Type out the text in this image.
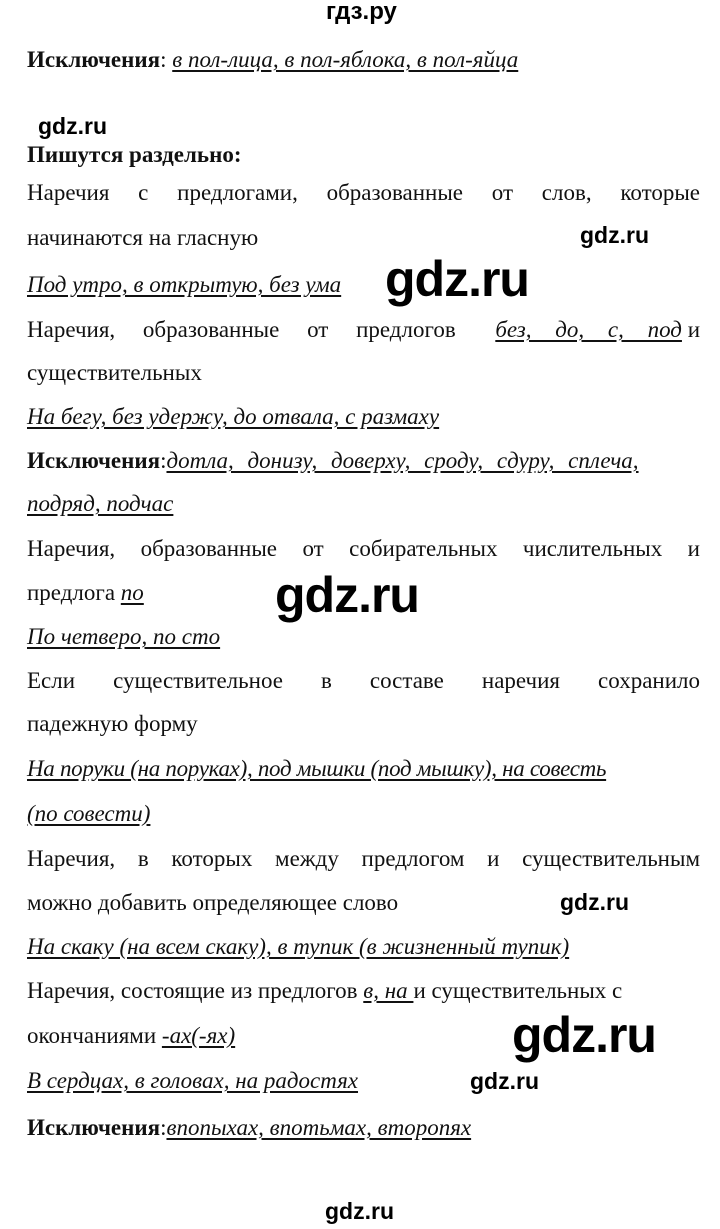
гдз.ру
Исключения: в пол-лица, в пол-яблока, в пол-яйца
gdz.ru
Пишутся раздельно:
Наречия с предлогами, образованные от слов, которые
начинаются на гласную	gdz.ru
Под утро, в открытую, без ума gdz.ru
Наречия, образованные от предлогов без, до, с, под и
существительных
На бегу, без удержу, до отвала, с размаху
Исключения:дотла, донизу, доверху, сроду, сдуру, сплеча,
подряд, подчас
Наречия, образованные от собирательных числительных и
предлога по	gdz.ru
По четверо, по сто
Если существительное в составе наречия сохранило
падежную форму
На поруки (на поруках), под мышки (под мышку), на совесть
(по совести)
Наречия, в которых между предлогом и существительным
можно добавить определяющее слово	gdz.ru
На скаку (на всем скаку), в тупик (в жизненный тупик)
Наречия, состоящие из предлогов в, на и существительных с
окончаниями -ах(-ях)	gdz.ru
В сердцах, в головах, на радостях	gdz.ru
Исключения:впопыхах, впотьмах, второпях
gdz.ru
